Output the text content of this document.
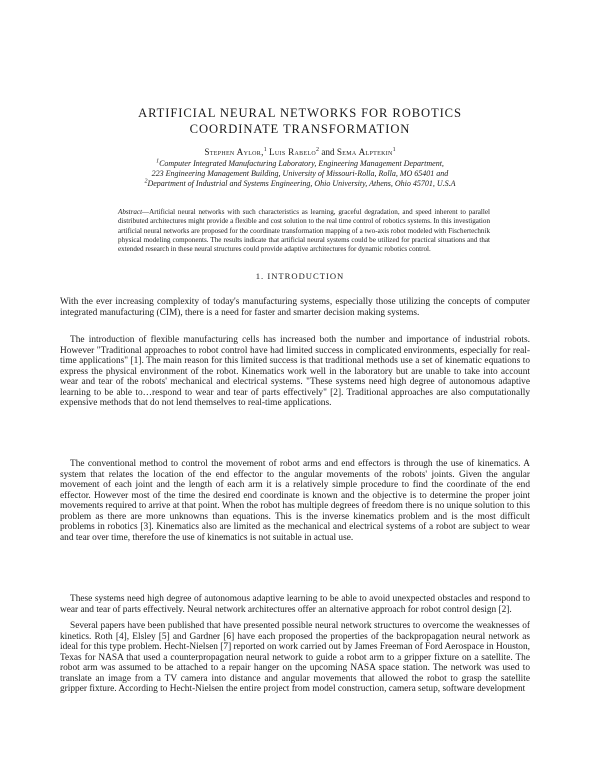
ARTIFICIAL NEURAL NETWORKS FOR ROBOTICS
COORDINATE TRANSFORMATION
Stephen Aylor,$^1$ Luis Rabelo$^2$ and Sema Alptekin$^1$
$^1$Computer Integrated Manufacturing Laboratory, Engineering Management Department,
223 Engineering Management Building, University of Missouri-Rolla, Rolla, MO 65401 and
$^2$Department of Industrial and Systems Engineering, Ohio University, Athens, Ohio 45701, U.S.A
Abstract—Artificial neural networks with such characteristics as learning, graceful degradation, and speed inherent to parallel distributed architectures might provide a flexible and cost solution to the real time control of robotics systems. In this investigation artificial neural networks are proposed for the coordinate transformation mapping of a two-axis robot modeled with Fischertechnik physical modeling components. The results indicate that artificial neural systems could be utilized for practical situations and that extended research in these neural structures could provide adaptive architectures for dynamic robotics control.
1. INTRODUCTION

With the ever increasing complexity of today's manufacturing systems, especially those utilizing the concepts of computer integrated manufacturing (CIM), there is a need for faster and smarter decision making systems.

The introduction of flexible manufacturing cells has increased both the number and importance of industrial robots. However "Traditional approaches to robot control have had limited success in complicated environments, especially for real-time applications" [1]. The main reason for this limited success is that traditional methods use a set of kinematic equations to express the physical environment of the robot. Kinematics work well in the laboratory but are unable to take into account wear and tear of the robots' mechanical and electrical systems. "These systems need high degree of autonomous adaptive learning to be able to…respond to wear and tear of parts effectively" [2]. Traditional approaches are also computationally expensive methods that do not lend themselves to real-time applications.

The conventional method to control the movement of robot arms and end effectors is through the use of kinematics. A system that relates the location of the end effector to the angular movements of the robots' joints. Given the angular movement of each joint and the length of each arm it is a relatively simple procedure to find the coordinate of the end effector. However most of the time the desired end coordinate is known and the objective is to determine the proper joint movements required to arrive at that point. When the robot has multiple degrees of freedom there is no unique solution to this problem as there are more unknowns than equations. This is the inverse kinematics problem and is the most difficult problems in robotics [3]. Kinematics also are limited as the mechanical and electrical systems of a robot are subject to wear and tear over time, therefore the use of kinematics is not suitable in actual use.

These systems need high degree of autonomous adaptive learning to be able to avoid unexpected obstacles and respond to wear and tear of parts effectively. Neural network architectures offer an alternative approach for robot control design [2].

Several papers have been published that have presented possible neural network structures to overcome the weaknesses of kinetics. Roth [4], Elsley [5] and Gardner [6] have each proposed the properties of the backpropagation neural network as ideal for this type problem. Hecht-Nielsen [7] reported on work carried out by James Freeman of Ford Aerospace in Houston, Texas for NASA that used a counterpropagation neural network to guide a robot arm to a gripper fixture on a satellite. The robot arm was assumed to be attached to a repair hanger on the upcoming NASA space station. The network was used to translate an image from a TV camera into distance and angular movements that allowed the robot to grasp the satellite gripper fixture. According to Hecht-Nielsen the entire project from model construction, camera setup, software development
